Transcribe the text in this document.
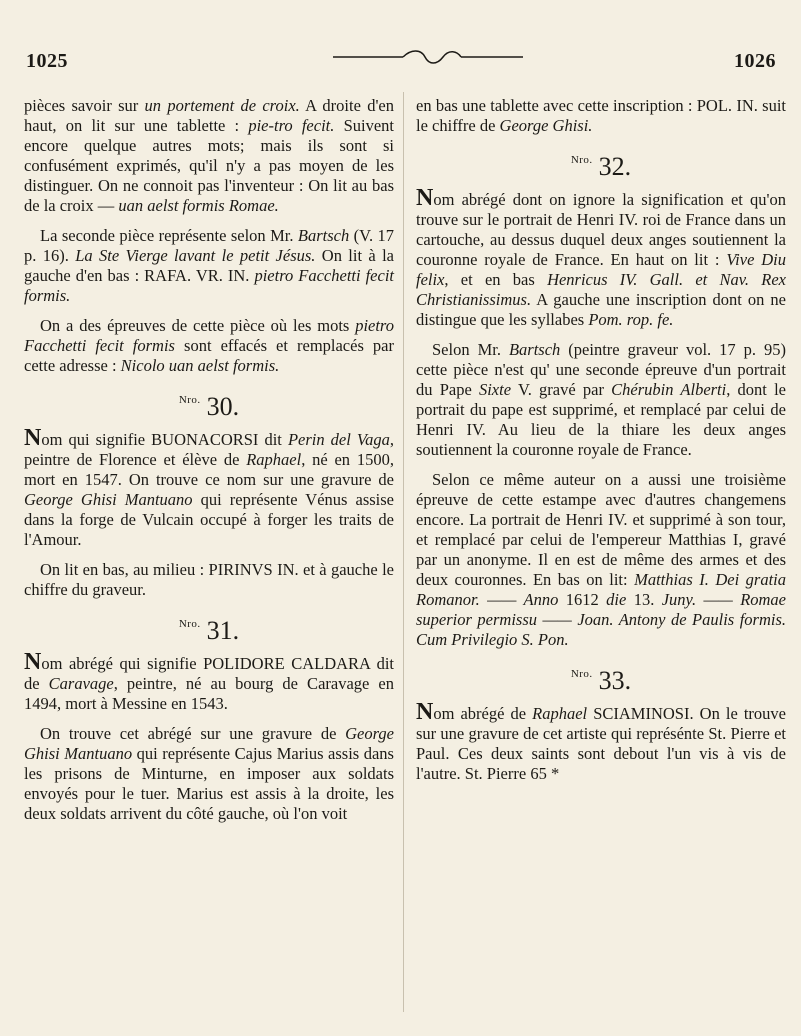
1025	1026

pièces savoir sur un portement de croix. A droite d'en haut, on lit sur une tablette : pie-tro fecit. Suivent encore quelque autres mots; mais ils sont si confusément exprimés, qu'il n'y a pas moyen de les distinguer. On ne connoit pas l'inventeur : On lit au bas de la croix — uan aelst formis Romae.

La seconde pièce représente selon Mr. Bartsch (V. 17 p. 16). La Ste Vierge lavant le petit Jésus. On lit à la gauche d'en bas : RAFA. VR. IN. pietro Facchetti fecit formis.

On a des épreuves de cette pièce où les mots pietro Facchetti fecit formis sont effacés et remplacés par cette adresse : Nicolo uan aelst formis.

$^{Nro.}$ 30.

Nom qui signifie BUONACORSI dit Perin del Vaga, peintre de Florence et élève de Raphael, né en 1500, mort en 1547. On trouve ce nom sur une gravure de George Ghisi Mantuano qui représente Vénus assise dans la forge de Vulcain occupé à forger les traits de l'Amour.

On lit en bas, au milieu : PIRINVS IN. et à gauche le chiffre du graveur.

$^{Nro.}$ 31.

Nom abrégé qui signifie POLIDORE CALDARA dit de Caravage, peintre, né au bourg de Caravage en 1494, mort à Messine en 1543.

On trouve cet abrégé sur une gravure de George Ghisi Mantuano qui représente Cajus Marius assis dans les prisons de Minturne, en imposer aux soldats envoyés pour le tuer. Marius est assis à la droite, les deux soldats arrivent du côté gauche, où l'on voit

en bas une tablette avec cette inscription : POL. IN. suit le chiffre de George Ghisi.

$^{Nro.}$ 32.

Nom abrégé dont on ignore la signification et qu'on trouve sur le portrait de Henri IV. roi de France dans un cartouche, au dessus duquel deux anges soutiennent la couronne royale de France. En haut on lit : Vive Diu felix, et en bas Henricus IV. Gall. et Nav. Rex Christianissimus. A gauche une inscription dont on ne distingue que les syllabes Pom. rop. fe.

Selon Mr. Bartsch (peintre graveur vol. 17 p. 95) cette pièce n'est qu' une seconde épreuve d'un portrait du Pape Sixte V. gravé par Chérubin Alberti, dont le portrait du pape est supprimé, et remplacé par celui de Henri IV. Au lieu de la thiare les deux anges soutiennent la couronne royale de France.

Selon ce même auteur on a aussi une troisième épreuve de cette estampe avec d'autres changemens encore. La portrait de Henri IV. et supprimé à son tour, et remplacé par celui de l'empereur Matthias I, gravé par un anonyme. Il en est de même des armes et des deux couronnes. En bas on lit: Matthias I. Dei gratia Romanor. —— Anno 1612 die 13. Juny. —— Romae superior permissu —— Joan. Antony de Paulis formis. Cum Privilegio S. Pon.

$^{Nro.}$ 33.

Nom abrégé de Raphael SCIAMINOSI. On le trouve sur une gravure de cet artiste qui représénte St. Pierre et Paul. Ces deux saints sont debout l'un vis à vis de l'autre. St. Pierre 65 *
